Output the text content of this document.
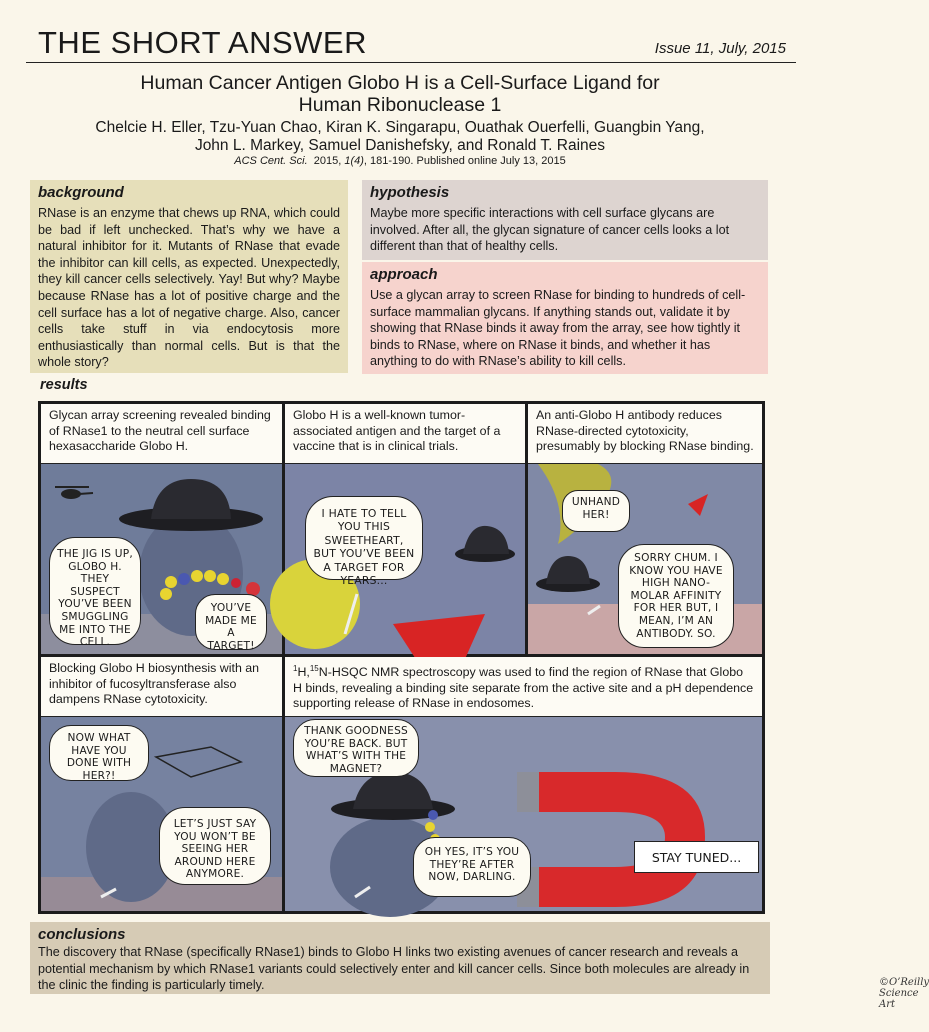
THE SHORT ANSWER	Issue 11, July, 2015
Human Cancer Antigen Globo H is a Cell-Surface Ligand for
Human Ribonuclease 1
Chelcie H. Eller, Tzu-Yuan Chao, Kiran K. Singarapu, Ouathak Ouerfelli, Guangbin Yang,
John L. Markey, Samuel Danishefsky, and Ronald T. Raines
ACS Cent. Sci. 2015, 1(4), 181-190. Published online July 13, 2015
background

RNase is an enzyme that chews up RNA, which could be bad if left unchecked. That’s why we have a natural inhibitor for it. Mutants of RNase that evade the inhibitor can kill cells, as expected. Unexpectedly, they kill cancer cells selectively. Yay! But why? Maybe because RNase has a lot of positive charge and the cell surface has a lot of negative charge. Also, cancer cells take stuff in via endocytosis more enthusiastically than normal cells. But is that the whole story?

hypothesis

Maybe more specific interactions with cell surface glycans are involved. After all, the glycan signature of cancer cells looks a lot different than that of healthy cells.

approach

Use a glycan array to screen RNase for binding to hundreds of cell-surface mammalian glycans. If anything stands out, validate it by showing that RNase binds it away from the array, see how tightly it binds to RNase, where on RNase it binds, and whether it has anything to do with RNase’s ability to kill cells.

results
Glycan array screening revealed binding of RNase1 to the neutral cell surface hexasaccharide Globo H.
THE JIG IS UP, GLOBO H. THEY SUSPECT YOU’VE BEEN SMUGGLING ME INTO THE CELL.
YOU’VE MADE ME A TARGET!
Globo H is a well-known tumor-associated antigen and the target of a vaccine that is in clinical trials.
I HATE TO TELL YOU THIS SWEETHEART, BUT YOU’VE BEEN A TARGET FOR YEARS...
An anti-Globo H antibody reduces RNase-directed cytotoxicity, presumably by blocking RNase binding.
UNHAND HER!
SORRY CHUM. I KNOW YOU HAVE HIGH NANO-MOLAR AFFINITY FOR HER BUT, I MEAN, I’M AN ANTIBODY. SO.
Blocking Globo H biosynthesis with an inhibitor of fucosyltransferase also dampens RNase cytotoxicity.
NOW WHAT HAVE YOU DONE WITH HER?!
LET’S JUST SAY YOU WON’T BE SEEING HER AROUND HERE ANYMORE.
$^1$H,$^{15}$N-HSQC NMR spectroscopy was used to find the region of RNase that Globo H binds, revealing a binding site separate from the active site and a pH dependence supporting release of RNase in endosomes.
©O’Reilly Science Art
THANK GOODNESS YOU’RE BACK. BUT WHAT’S WITH THE MAGNET?
OH YES, IT’S YOU THEY’RE AFTER NOW, DARLING.
STAY TUNED...
conclusions

The discovery that RNase (specifically RNase1) binds to Globo H links two existing avenues of cancer research and reveals a potential mechanism by which RNase1 variants could selectively enter and kill cancer cells. Since both molecules are already in the clinic the finding is particularly timely.
